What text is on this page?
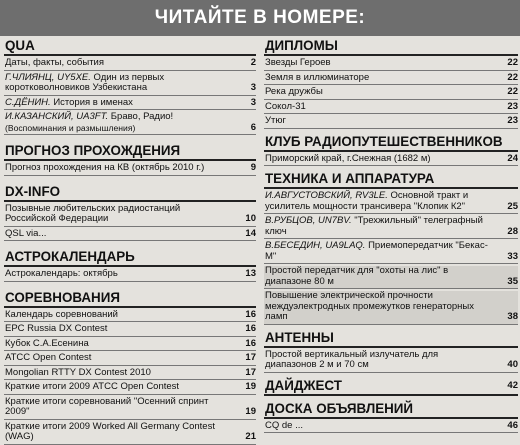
ЧИТАЙТЕ В НОМЕРЕ:
QUA
Даты, факты, события	2
Г.ЧЛИЯНЦ, UY5XE. Один из первых коротковолновиков Узбекистана	3
С.ДЁНИН. История в именах	3
И.КАЗАНСКИЙ, UA3FT. Браво, Радио!
(Воспоминания и размышления)	6
ПРОГНОЗ ПРОХОЖДЕНИЯ
Прогноз прохождения на КВ (октябрь 2010 г.)	9
DX-INFO
Позывные любительских радиостанций Российской Федерации	10
QSL via...	14
АСТРОКАЛЕНДАРЬ
Астрокалендарь: октябрь	13
СОРЕВНОВАНИЯ
Календарь соревнований	16
EPC Russia DX Contest	16
Кубок С.А.Есенина	16
ATCC Open Contest	17
Mongolian RTTY DX Contest 2010	17
Краткие итоги 2009 ATCC Open Contest	19
Краткие итоги соревнований "Осенний спринт 2009"	19
Краткие итоги 2009 Worked All Germany Contest (WAG)	21
ДИПЛОМЫ
Звезды Героев	22
Земля в иллюминаторе	22
Река дружбы	22
Сокол-31	23
Утюг	23
КЛУБ РАДИОПУТЕШЕСТВЕННИКОВ
Приморский край, г.Снежная (1682 м)	24
ТЕХНИКА И АППАРАТУРА
И.АВГУСТОВСКИЙ, RV3LE. Основной тракт и усилитель мощности трансивера "Клопик К2"	25
В.РУБЦОВ, UN7BV. "Трехжильный" телеграфный ключ	28
В.БЕСЕДИН, UA9LAQ. Приемопередатчик "Бекас-М"	33
Простой передатчик для "охоты на лис" в диапазоне 80 м	35
Повышение электрической прочности междуэлектродных промежутков генераторных ламп	38
АНТЕННЫ
Простой вертикальный излучатель для диапазонов 2 м и 70 см	40
ДАЙДЖЕСТ	42
ДОСКА ОБЪЯВЛЕНИЙ
CQ de ...	46
